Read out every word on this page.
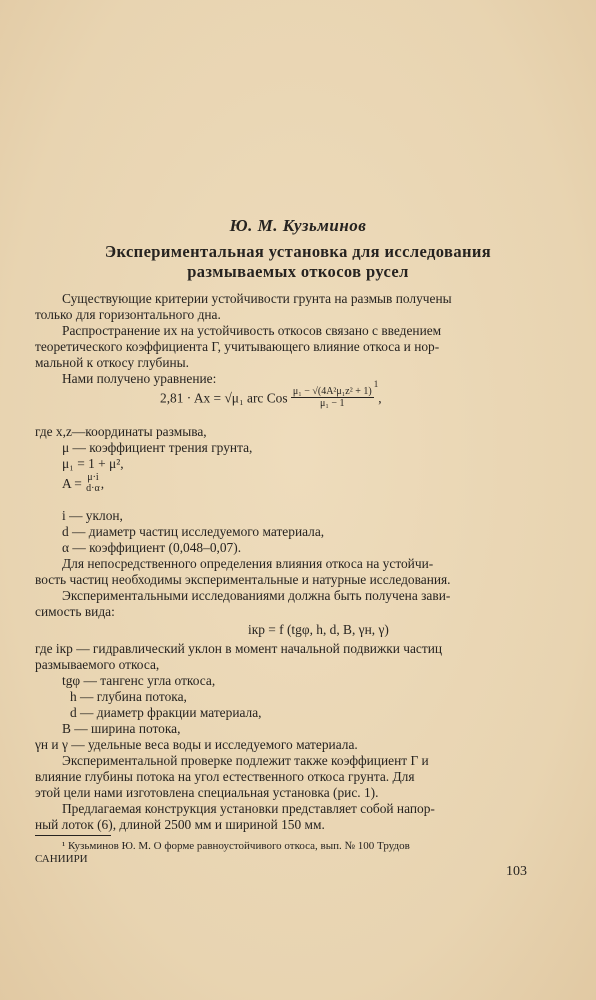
Ю. М. Кузьминов
Экспериментальная установка для исследования
размываемых откосов русел
Существующие критерии устойчивости грунта на размыв получены
только для горизонтального дна.
Распространение их на устойчивость откосов связано с введением
теоретического коэффициента Г, учитывающего влияние откоса и нор-
мальной к откосу глубины.
Нами получено уравнение:
2,81 · Ax = √μ₁ arc Cos $\frac{\text{μ₁ − √(4A²μ₁z² + 1)}}{\text{μ₁ − 1}}$
$^1$,
где x,z—координаты размыва,
μ — коэффициент трения грунта,
μ₁ = 1 + μ²,
A = μ·i
d·α ,
i — уклон,
d — диаметр частиц исследуемого материала,
α — коэффициент (0,048–0,07).
Для непосредственного определения влияния откоса на устойчи-
вость частиц необходимы экспериментальные и натурные исследования.
Экспериментальными исследованиями должна быть получена зави-
симость вида:
iкр = f (tgφ, h, d, B, γн, γ)
где iкр — гидравлический уклон в момент начальной подвижки частиц
размываемого откоса,
tgφ — тангенс угла откоса,
h — глубина потока,
d — диаметр фракции материала,
B — ширина потока,
γн и γ — удельные веса воды и исследуемого материала.
Экспериментальной проверке подлежит также коэффициент Г и
влияние глубины потока на угол естественного откоса грунта. Для
этой цели нами изготовлена специальная установка (рис. 1).
Предлагаемая конструкция установки представляет собой напор-
ный лоток (6), длиной 2500 мм и шириной 150 мм.
¹ Кузьминов Ю. М. О форме равноустойчивого откоса, вып. № 100 Трудов
САНИИРИ
103
